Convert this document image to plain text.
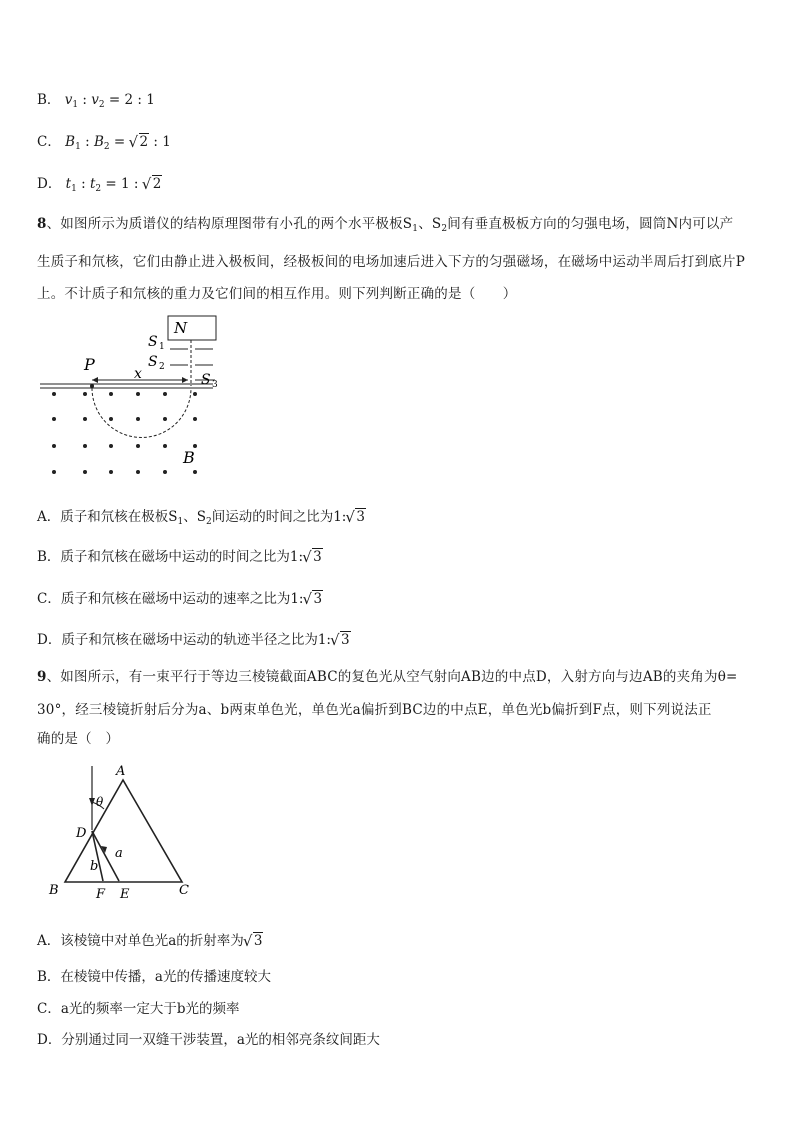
B． $v_1$ : $v_2 = 2$ : 1
C． $B_1$ : $B_2$ = √ 2 : 1
D． $t_1$ : $t_2 = 1$ : √ 2
8、如图所示为质谱仪的结构原理图带有小孔的两个水平极板$S_1$、$S_2$间有垂直极板方向的匀强电场，圆筒N内可以产
生质子和氘核，它们由静止进入极板间，经极板间的电场加速后进入下方的匀强磁场，在磁场中运动半周后打到底片P
上。不计质子和氘核的重力及它们间的相互作用。则下列判断正确的是（　　）
N
S 1
S 2
S 3
P	x
B
A．质子和氘核在极板$S_1$、$S_2$间运动的时间之比为1: √ 3
B．质子和氘核在磁场中运动的时间之比为1: √ 3
C．质子和氘核在磁场中运动的速率之比为1: √ 3
D．质子和氘核在磁场中运动的轨迹半径之比为1: √ 3
9、如图所示，有一束平行于等边三棱镜截面ABC的复色光从空气射向AB边的中点D，入射方向与边AB的夹角为θ=
30°，经三棱镜折射后分为a、b两束单色光，单色光a偏折到BC边的中点E，单色光b偏折到F点，则下列说法正
确的是（　）
A
B	C
D
F E
a
b
θ
A．该棱镜中对单色光a的折射率为 √ 3
B．在棱镜中传播，a光的传播速度较大
C．a光的频率一定大于b光的频率
D．分别通过同一双缝干涉装置，a光的相邻亮条纹间距大
